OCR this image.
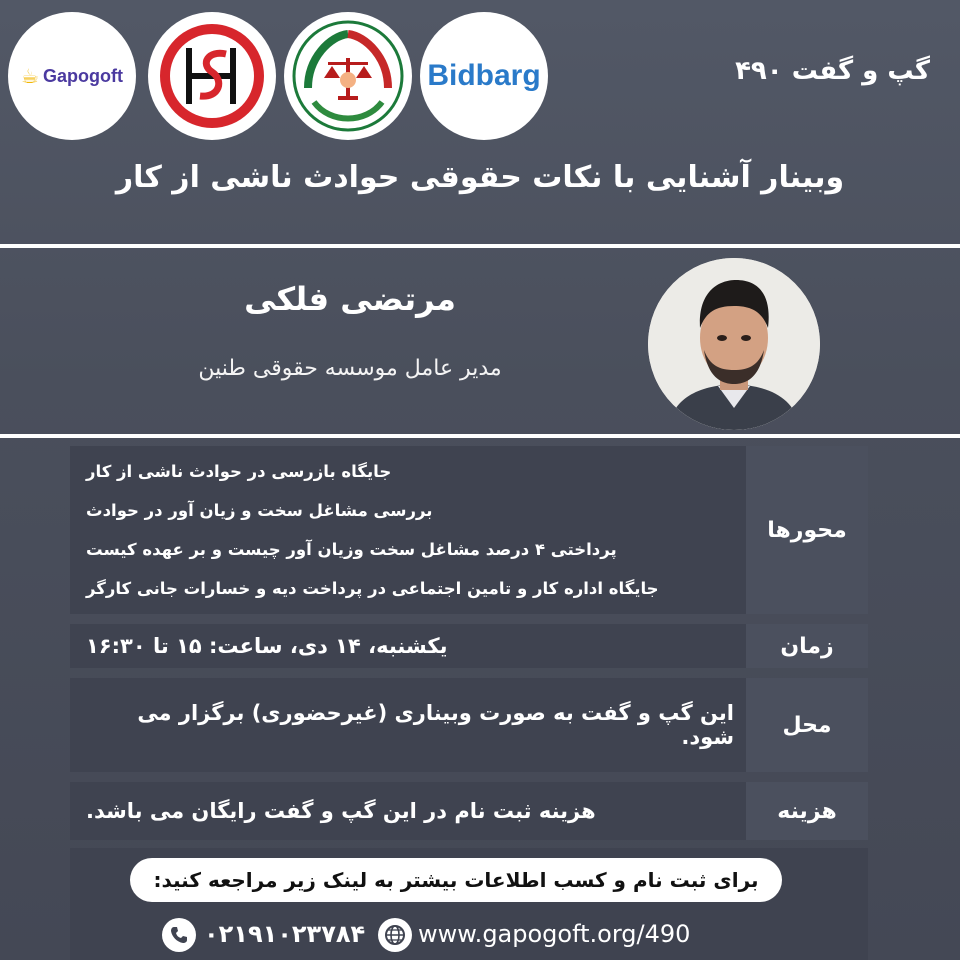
☕ Gapogoft	Bidbarg	گپ و گفت ۴۹۰
وبینار آشنایی با نکات حقوقی حوادث ناشی از کار
مرتضی فلکی
مدیر عامل موسسه حقوقی طنین
محورها
جایگاه بازرسی در حوادث ناشی از کار
بررسی مشاغل سخت و زیان آور در حوادث
پرداختی ۴ درصد مشاغل سخت وزیان آور چیست و بر عهده کیست
جایگاه اداره کار و تامین اجتماعی در پرداخت دیه و خسارات جانی کارگر
زمان
یکشنبه، ۱۴ دی، ساعت: ۱۵ تا ۱۶:۳۰
محل
این گپ و گفت به صورت وبیناری (غیرحضوری) برگزار می شود.
هزینه
هزینه ثبت نام در این گپ و گفت رایگان می باشد.
برای ثبت نام و کسب اطلاعات بیشتر به لینک زیر مراجعه کنید:
۰۲۱۹۱۰۲۳۷۸۴ www.gapogoft.org/490
